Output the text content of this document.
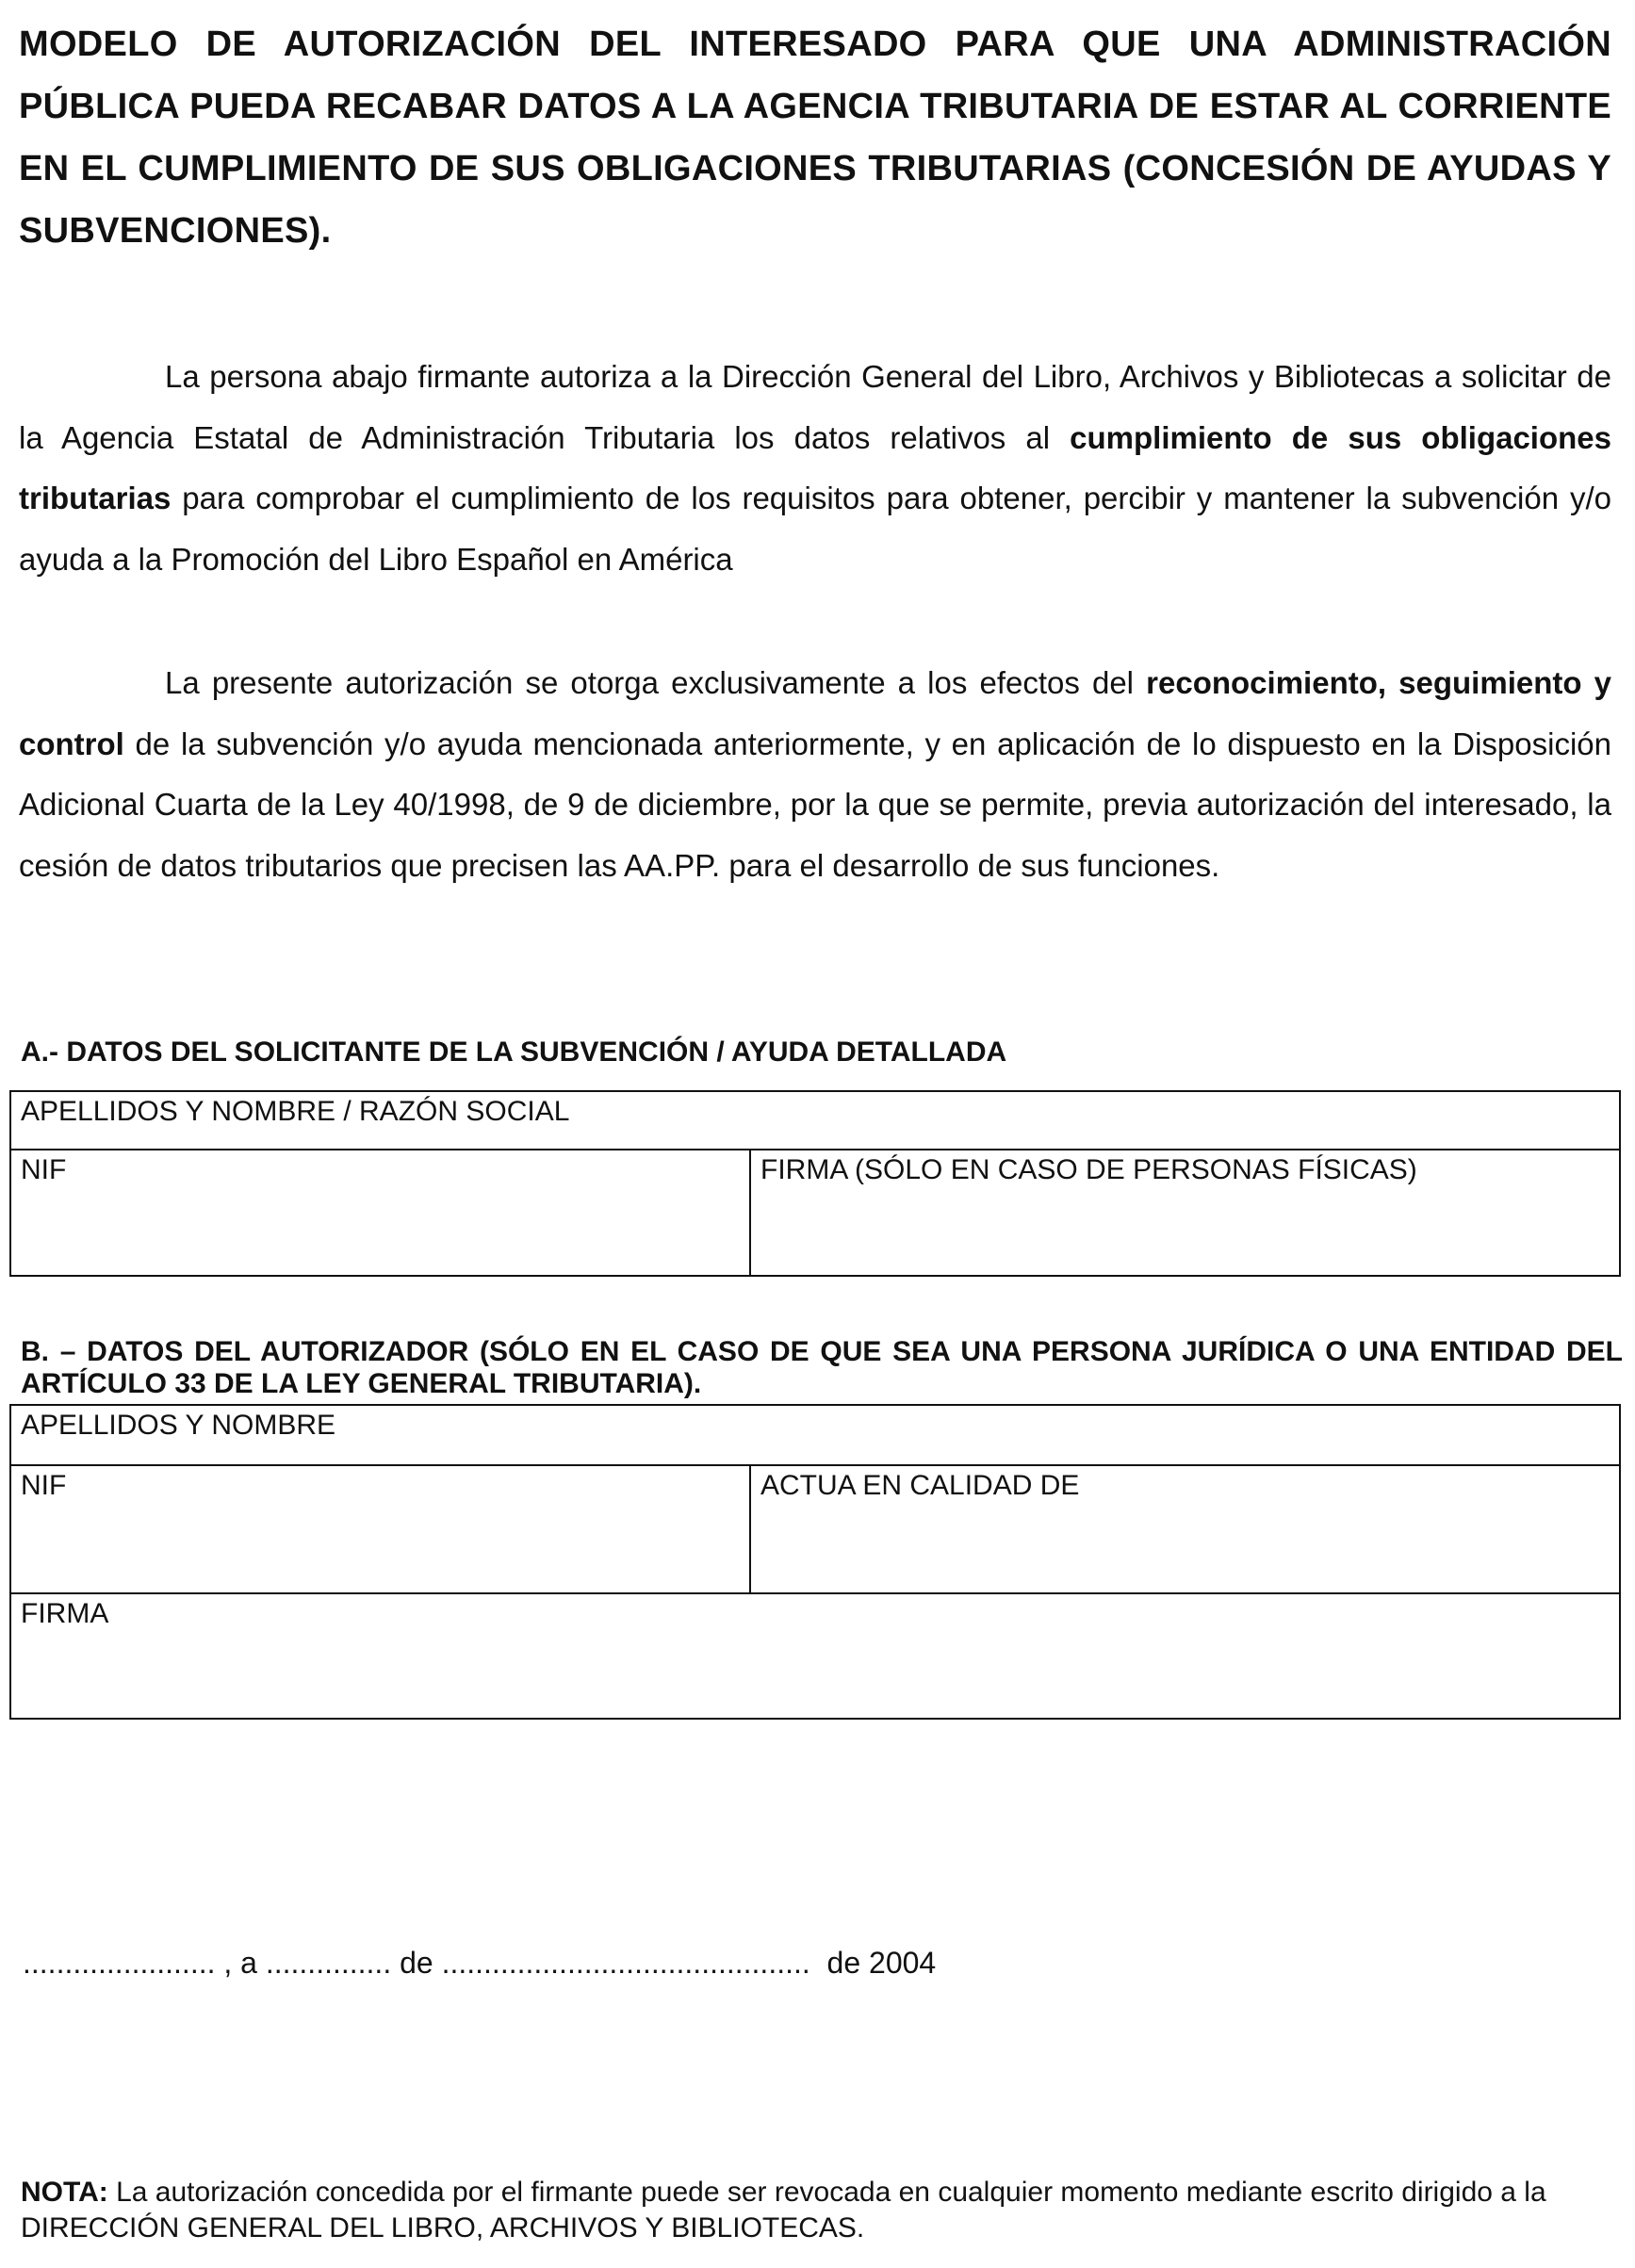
MODELO DE AUTORIZACIÓN DEL INTERESADO PARA QUE UNA ADMINISTRACIÓN PÚBLICA PUEDA RECABAR DATOS A LA AGENCIA TRIBUTARIA DE ESTAR AL CORRIENTE EN EL CUMPLIMIENTO DE SUS OBLIGACIONES TRIBUTARIAS (CONCESIÓN DE AYUDAS Y SUBVENCIONES).
La persona abajo firmante autoriza a la Dirección General del Libro, Archivos y Bibliotecas a solicitar de la Agencia Estatal de Administración Tributaria los datos relativos al cumplimiento de sus obligaciones tributarias para comprobar el cumplimiento de los requisitos para obtener, percibir y mantener la subvención y/o ayuda a la Promoción del Libro Español en América
La presente autorización se otorga exclusivamente a los efectos del reconocimiento, seguimiento y control de la subvención y/o ayuda mencionada anteriormente, y en aplicación de lo dispuesto en la Disposición Adicional Cuarta de la Ley 40/1998, de 9 de diciembre, por la que se permite, previa autorización del interesado, la cesión de datos tributarios que precisen las AA.PP. para el desarrollo de sus funciones.
A.- DATOS DEL SOLICITANTE DE LA SUBVENCIÓN / AYUDA DETALLADA
APELLIDOS Y NOMBRE / RAZÓN SOCIAL
NIF	FIRMA (SÓLO EN CASO DE PERSONAS FÍSICAS)
B. – DATOS DEL AUTORIZADOR (SÓLO EN EL CASO DE QUE SEA UNA PERSONA JURÍDICA O UNA ENTIDAD DEL ARTÍCULO 33 DE LA LEY GENERAL TRIBUTARIA).
APELLIDOS Y NOMBRE
NIF	ACTUA EN CALIDAD DE
FIRMA
....................... , a ............... de ............................................  de 2004
NOTA: La autorización concedida por el firmante puede ser revocada en cualquier momento mediante escrito dirigido a la DIRECCIÓN GENERAL DEL LIBRO, ARCHIVOS Y BIBLIOTECAS.
